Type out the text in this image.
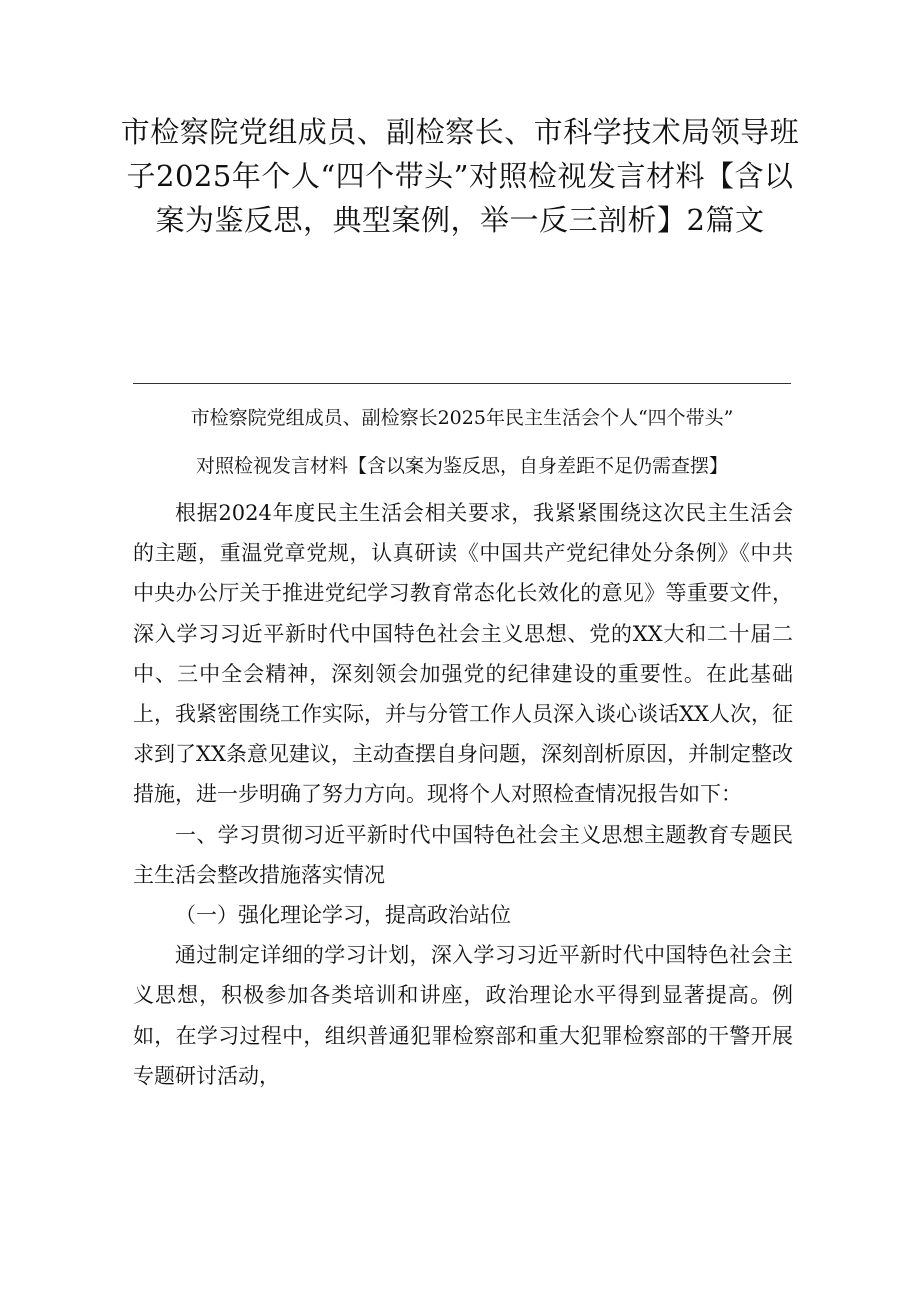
市检察院党组成员、副检察长、市科学技术局领导班子2025年个人“四个带头”对照检视发言材料【含以案为鉴反思，典型案例，举一反三剖析】2篇文

市检察院党组成员、副检察长2025年民主生活会个人“四个带头”

对照检视发言材料【含以案为鉴反思，自身差距不足仍需查摆】

根据2024年度民主生活会相关要求，我紧紧围绕这次民主生活会的主题，重温党章党规，认真研读《中国共产党纪律处分条例》《中共中央办公厅关于推进党纪学习教育常态化长效化的意见》等重要文件，深入学习习近平新时代中国特色社会主义思想、党的XX大和二十届二中、三中全会精神，深刻领会加强党的纪律建设的重要性。在此基础上，我紧密围绕工作实际，并与分管工作人员深入谈心谈话XX人次，征求到了XX条意见建议，主动查摆自身问题，深刻剖析原因，并制定整改措施，进一步明确了努力方向。现将个人对照检查情况报告如下：

一、学习贯彻习近平新时代中国特色社会主义思想主题教育专题民主生活会整改措施落实情况

（一）强化理论学习，提高政治站位

通过制定详细的学习计划，深入学习习近平新时代中国特色社会主义思想，积极参加各类培训和讲座，政治理论水平得到显著提高。例如，在学习过程中，组织普通犯罪检察部和重大犯罪检察部的干警开展专题研讨活动，
